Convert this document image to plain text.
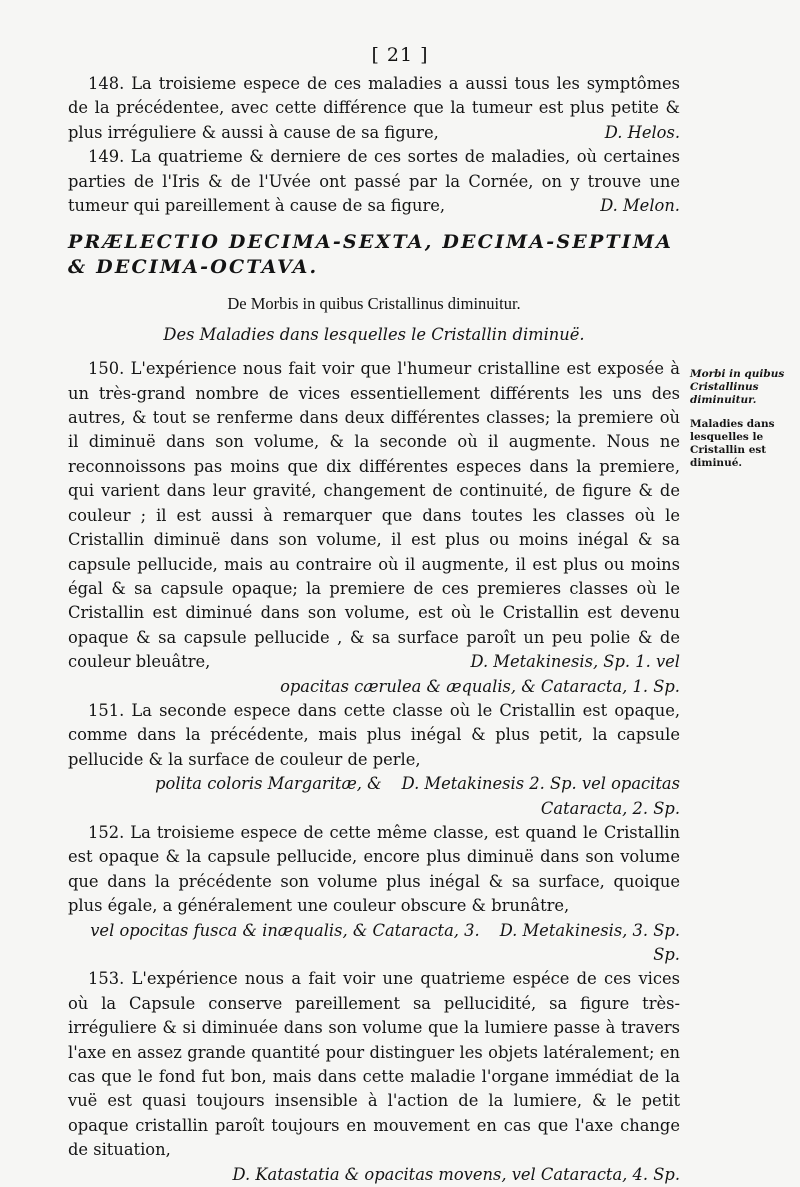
[ 21 ]

148. La troisieme espece de ces maladies a aussi tous les symptômes de la précédentee, avec cette différence que la tumeur est plus petite & plus irréguliere & aussi à cause de sa figure,	D. Helos.

149. La quatrieme & derniere de ces sortes de maladies, où certaines parties de l'Iris & de l'Uvée ont passé par la Cornée, on y trouve une tumeur qui pareillement à cause de sa figure,	D. Melon.

PRÆLECTIO DECIMA-SEXTA, DECIMA-SEPTIMA & DECIMA-OCTAVA.
De Morbis in quibus Cristallinus diminuitur.
Des Maladies dans lesquelles le Cristallin diminuë.

150. L'expérience nous fait voir que l'humeur cristalline est exposée à un très-grand nombre de vices essentiellement différents les uns des autres, & tout se renferme dans deux différentes classes; la premiere où il diminuë dans son volume, & la seconde où il augmente. Nous ne reconnoissons pas moins que dix différentes especes dans la premiere, qui varient dans leur gravité, changement de continuité, de figure & de couleur ; il est aussi à remarquer que dans toutes les classes où le Cristallin diminuë dans son volume, il est plus ou moins inégal & sa capsule pellucide, mais au contraire où il augmente, il est plus ou moins égal & sa capsule opaque; la premiere de ces premieres classes où le Cristallin est diminué dans son volume, est où le Cristallin est devenu opaque & sa capsule pellucide , & sa surface paroît un peu polie & de couleur bleuâtre,	D. Metakinesis, Sp. 1. vel
opacitas cærulea & æqualis, & Cataracta, 1. Sp.

151. La seconde espece dans cette classe où le Cristallin est opaque, comme dans la précédente, mais plus inégal & plus petit, la capsule pellucide & la surface de couleur de perle,
D. Metakinesis 2. Sp. vel opacitas
polita coloris Margaritæ, & Cataracta, 2. Sp.

152. La troisieme espece de cette même classe, est quand le Cristallin est opaque & la capsule pellucide, encore plus diminuë dans son volume que dans la précédente son volume plus inégal & sa surface, quoique plus égale, a généralement une couleur obscure & brunâtre,
D. Metakinesis, 3. Sp.
vel opocitas fusca & inæqualis, & Cataracta, 3. Sp.

153. L'expérience nous a fait voir une quatrieme espéce de ces vices où la Capsule conserve pareillement sa pellucidité, sa figure très-irréguliere & si diminuée dans son volume que la lumiere passe à travers l'axe en assez grande quantité pour distinguer les objets latéralement; en cas que le fond fut bon, mais dans cette maladie l'organe immédiat de la vuë est quasi toujours insensible à l'action de la lumiere, & le petit opaque cristallin paroît toujours en mouvement en cas que l'axe change de situation,
D. Katastatia & opacitas movens, vel Cataracta, 4. Sp.

Morbi in quibus Cristallinus diminuitur.
Maladies dans lesquelles le Cristallin est diminué.
